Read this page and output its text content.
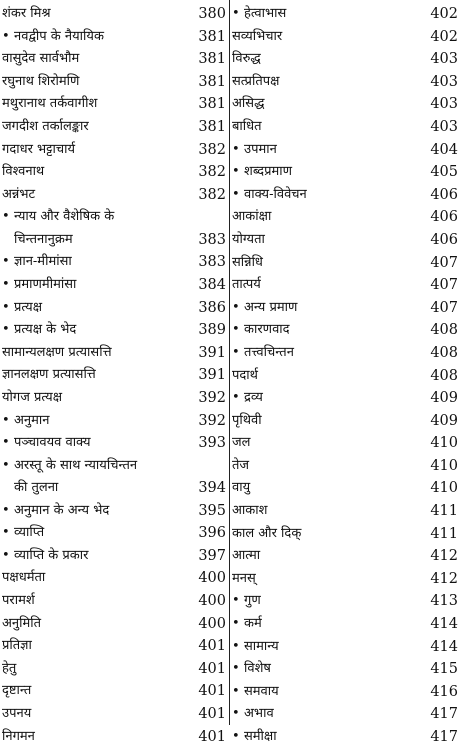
शंकर मिश्र	380
• नवद्वीप के नैयायिक	381
वासुदेव सार्वभौम	381
रघुनाथ शिरोमणि	381
मथुरानाथ तर्कवागीश	381
जगदीश तर्कालङ्कार	381
गदाधर भट्टाचार्य	382
विश्वनाथ	382
अन्नंभट	382
• न्याय और वैशेषिक के
चिन्तनानुक्रम	383
• ज्ञान-मीमांसा	383
• प्रमाणमीमांसा	384
• प्रत्यक्ष	386
• प्रत्यक्ष के भेद	389
सामान्यलक्षण प्रत्यासत्ति	391
ज्ञानलक्षण प्रत्यासत्ति	391
योगज प्रत्यक्ष	392
• अनुमान	392
• पञ्चावयव वाक्य	393
• अरस्तू के साथ न्यायचिन्तन
की तुलना	394
• अनुमान के अन्य भेद	395
• व्याप्ति	396
• व्याप्ति के प्रकार	397
पक्षधर्मता	400
परामर्श	400
अनुमिति	400
प्रतिज्ञा	401
हेतु	401
दृष्टान्त	401
उपनय	401
निगमन	401
• हेत्वाभास	402
सव्यभिचार	402
विरुद्ध	403
सत्प्रतिपक्ष	403
असिद्ध	403
बाधित	403
• उपमान	404
• शब्दप्रमाण	405
• वाक्य-विवेचन	406
आकांक्षा	406
योग्यता	406
सन्निधि	407
तात्पर्य	407
• अन्य प्रमाण	407
• कारणवाद	408
• तत्त्वचिन्तन	408
पदार्थ	408
• द्रव्य	409
पृथिवी	409
जल	410
तेज	410
वायु	410
आकाश	411
काल और दिक्	411
आत्मा	412
मनस्	412
• गुण	413
• कर्म	414
• सामान्य	414
• विशेष	415
• समवाय	416
• अभाव	417
• समीक्षा	417
